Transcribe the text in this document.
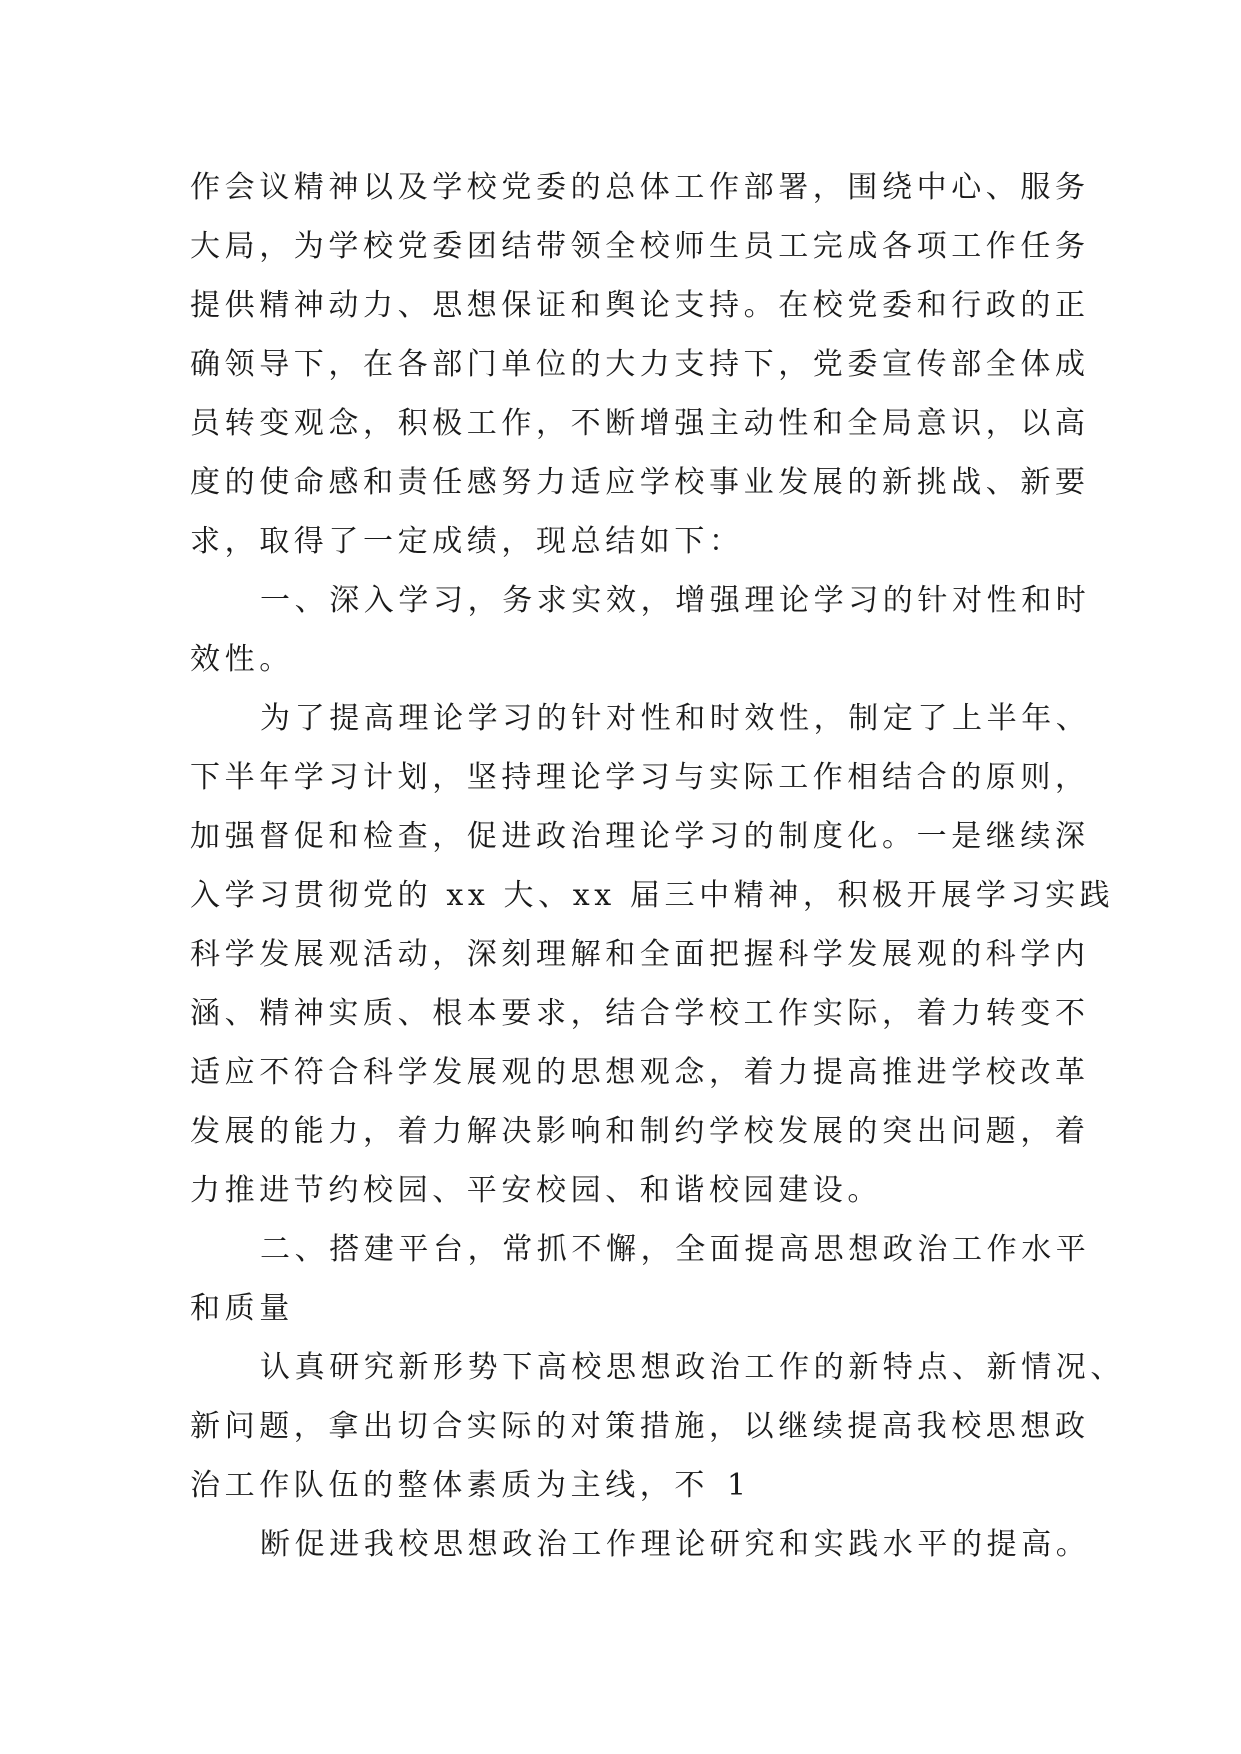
作会议精神以及学校党委的总体工作部署，围绕中心、服务
大局，为学校党委团结带领全校师生员工完成各项工作任务
提供精神动力、思想保证和舆论支持。在校党委和行政的正
确领导下，在各部门单位的大力支持下，党委宣传部全体成
员转变观念，积极工作，不断增强主动性和全局意识，以高
度的使命感和责任感努力适应学校事业发展的新挑战、新要
求，取得了一定成绩，现总结如下：
一、深入学习，务求实效，增强理论学习的针对性和时
效性。
为了提高理论学习的针对性和时效性，制定了上半年、
下半年学习计划，坚持理论学习与实际工作相结合的原则，
加强督促和检查，促进政治理论学习的制度化。一是继续深
入学习贯彻党的 xx 大、xx 届三中精神，积极开展学习实践
科学发展观活动，深刻理解和全面把握科学发展观的科学内
涵、精神实质、根本要求，结合学校工作实际，着力转变不
适应不符合科学发展观的思想观念，着力提高推进学校改革
发展的能力，着力解决影响和制约学校发展的突出问题，着
力推进节约校园、平安校园、和谐校园建设。
二、搭建平台，常抓不懈，全面提高思想政治工作水平
和质量
认真研究新形势下高校思想政治工作的新特点、新情况、
新问题，拿出切合实际的对策措施，以继续提高我校思想政
治工作队伍的整体素质为主线，不 1
断促进我校思想政治工作理论研究和实践水平的提高。
